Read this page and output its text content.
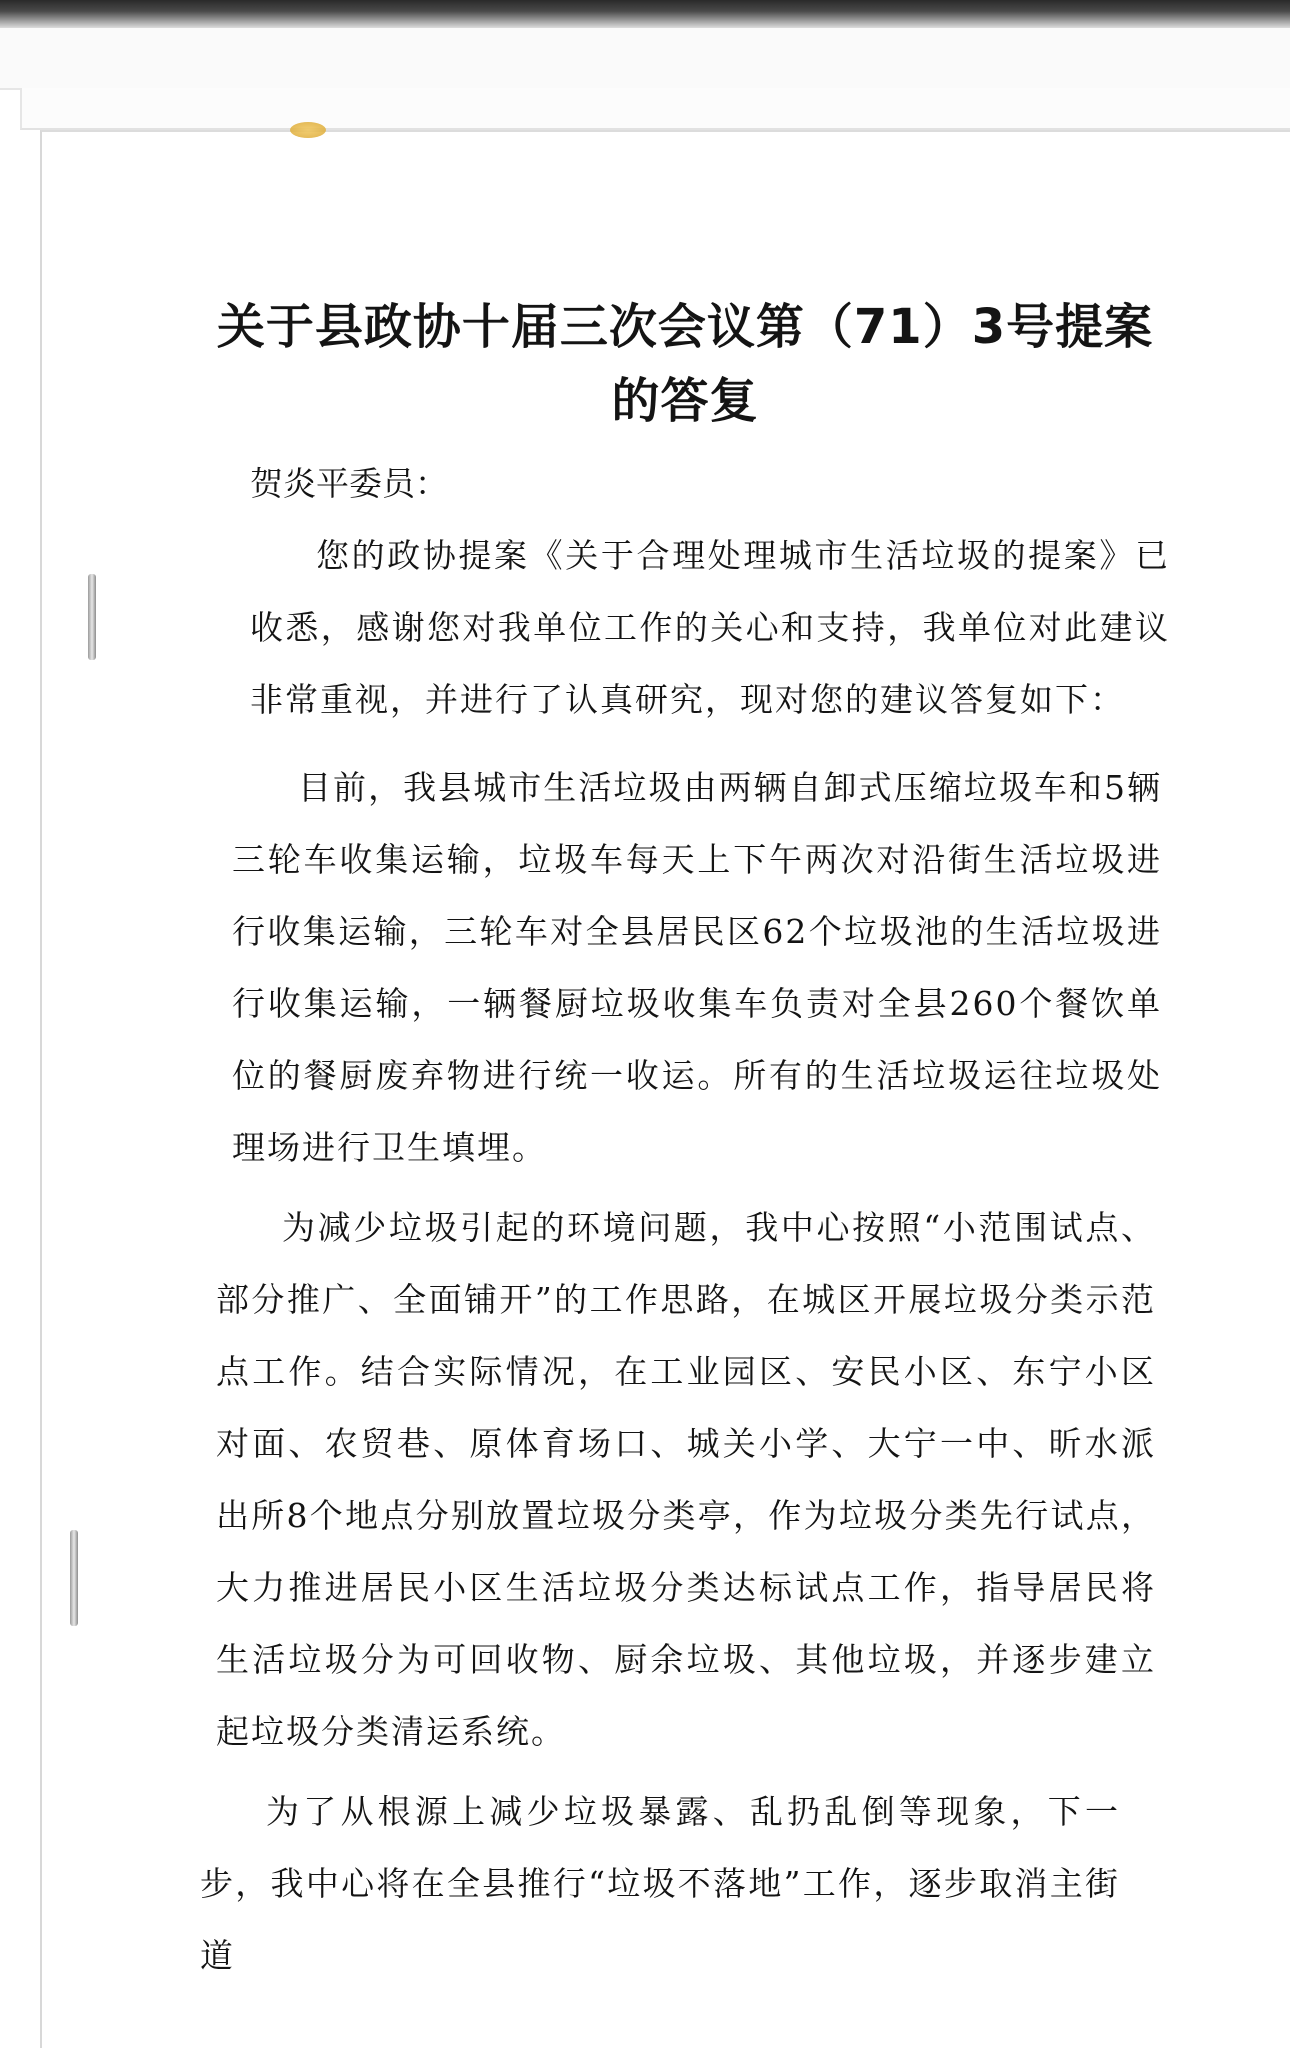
关于县政协十届三次会议第（71）3号提案
的答复

贺炎平委员：

您的政协提案《关于合理处理城市生活垃圾的提案》已收悉，感谢您对我单位工作的关心和支持，我单位对此建议非常重视，并进行了认真研究，现对您的建议答复如下：

目前，我县城市生活垃圾由两辆自卸式压缩垃圾车和5辆三轮车收集运输，垃圾车每天上下午两次对沿街生活垃圾进行收集运输，三轮车对全县居民区62个垃圾池的生活垃圾进行收集运输，一辆餐厨垃圾收集车负责对全县260个餐饮单位的餐厨废弃物进行统一收运。所有的生活垃圾运往垃圾处理场进行卫生填埋。

为减少垃圾引起的环境问题，我中心按照“小范围试点、部分推广、全面铺开”的工作思路，在城区开展垃圾分类示范点工作。结合实际情况，在工业园区、安民小区、东宁小区对面、农贸巷、原体育场口、城关小学、大宁一中、昕水派出所8个地点分别放置垃圾分类亭，作为垃圾分类先行试点，大力推进居民小区生活垃圾分类达标试点工作，指导居民将生活垃圾分为可回收物、厨余垃圾、其他垃圾，并逐步建立起垃圾分类清运系统。

为了从根源上减少垃圾暴露、乱扔乱倒等现象，下一步，我中心将在全县推行“垃圾不落地”工作，逐步取消主街道
